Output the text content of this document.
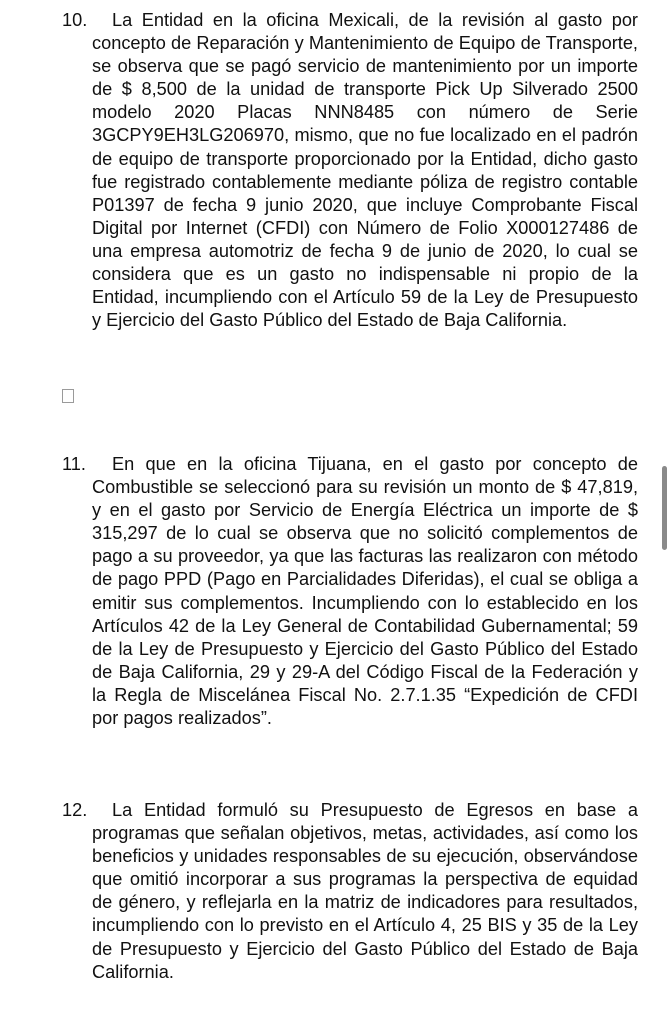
10.	La Entidad en la oficina Mexicali, de la revisión al gasto por concepto de Reparación y Mantenimiento de Equipo de Transporte, se observa que se pagó servicio de mantenimiento por un importe de $ 8,500 de la unidad de transporte Pick Up Silverado 2500 modelo 2020 Placas NNN8485 con número de Serie 3GCPY9EH3LG206970, mismo, que no fue localizado en el padrón de equipo de transporte proporcionado por la Entidad, dicho gasto fue registrado contablemente mediante póliza de registro contable P01397 de fecha 9 junio 2020, que incluye Comprobante Fiscal Digital por Internet (CFDI) con Número de Folio X000127486 de una empresa automotriz de fecha 9 de junio de 2020, lo cual se considera que es un gasto no indispensable ni propio de la Entidad, incumpliendo con el Artículo 59 de la Ley de Presupuesto y Ejercicio del Gasto Público del Estado de Baja California.
11.	En que en la oficina Tijuana, en el gasto por concepto de Combustible se seleccionó para su revisión un monto de $ 47,819, y en el gasto por Servicio de Energía Eléctrica un importe de $ 315,297 de lo cual se observa que no solicitó complementos de pago a su proveedor, ya que las facturas las realizaron con método de pago PPD (Pago en Parcialidades Diferidas), el cual se obliga a emitir sus complementos. Incumpliendo con lo establecido en los Artículos 42 de la Ley General de Contabilidad Gubernamental; 59 de la Ley de Presupuesto y Ejercicio del Gasto Público del Estado de Baja California, 29 y 29-A del Código Fiscal de la Federación y la Regla de Miscelánea Fiscal No. 2.7.1.35 “Expedición de CFDI por pagos realizados”.
12.	La Entidad formuló su Presupuesto de Egresos en base a programas que señalan objetivos, metas, actividades, así como los beneficios y unidades responsables de su ejecución, observándose que omitió incorporar a sus programas la perspectiva de equidad de género, y reflejarla en la matriz de indicadores para resultados, incumpliendo con lo previsto en el Artículo 4, 25 BIS y 35 de la Ley de Presupuesto y Ejercicio del Gasto Público del Estado de Baja California.
